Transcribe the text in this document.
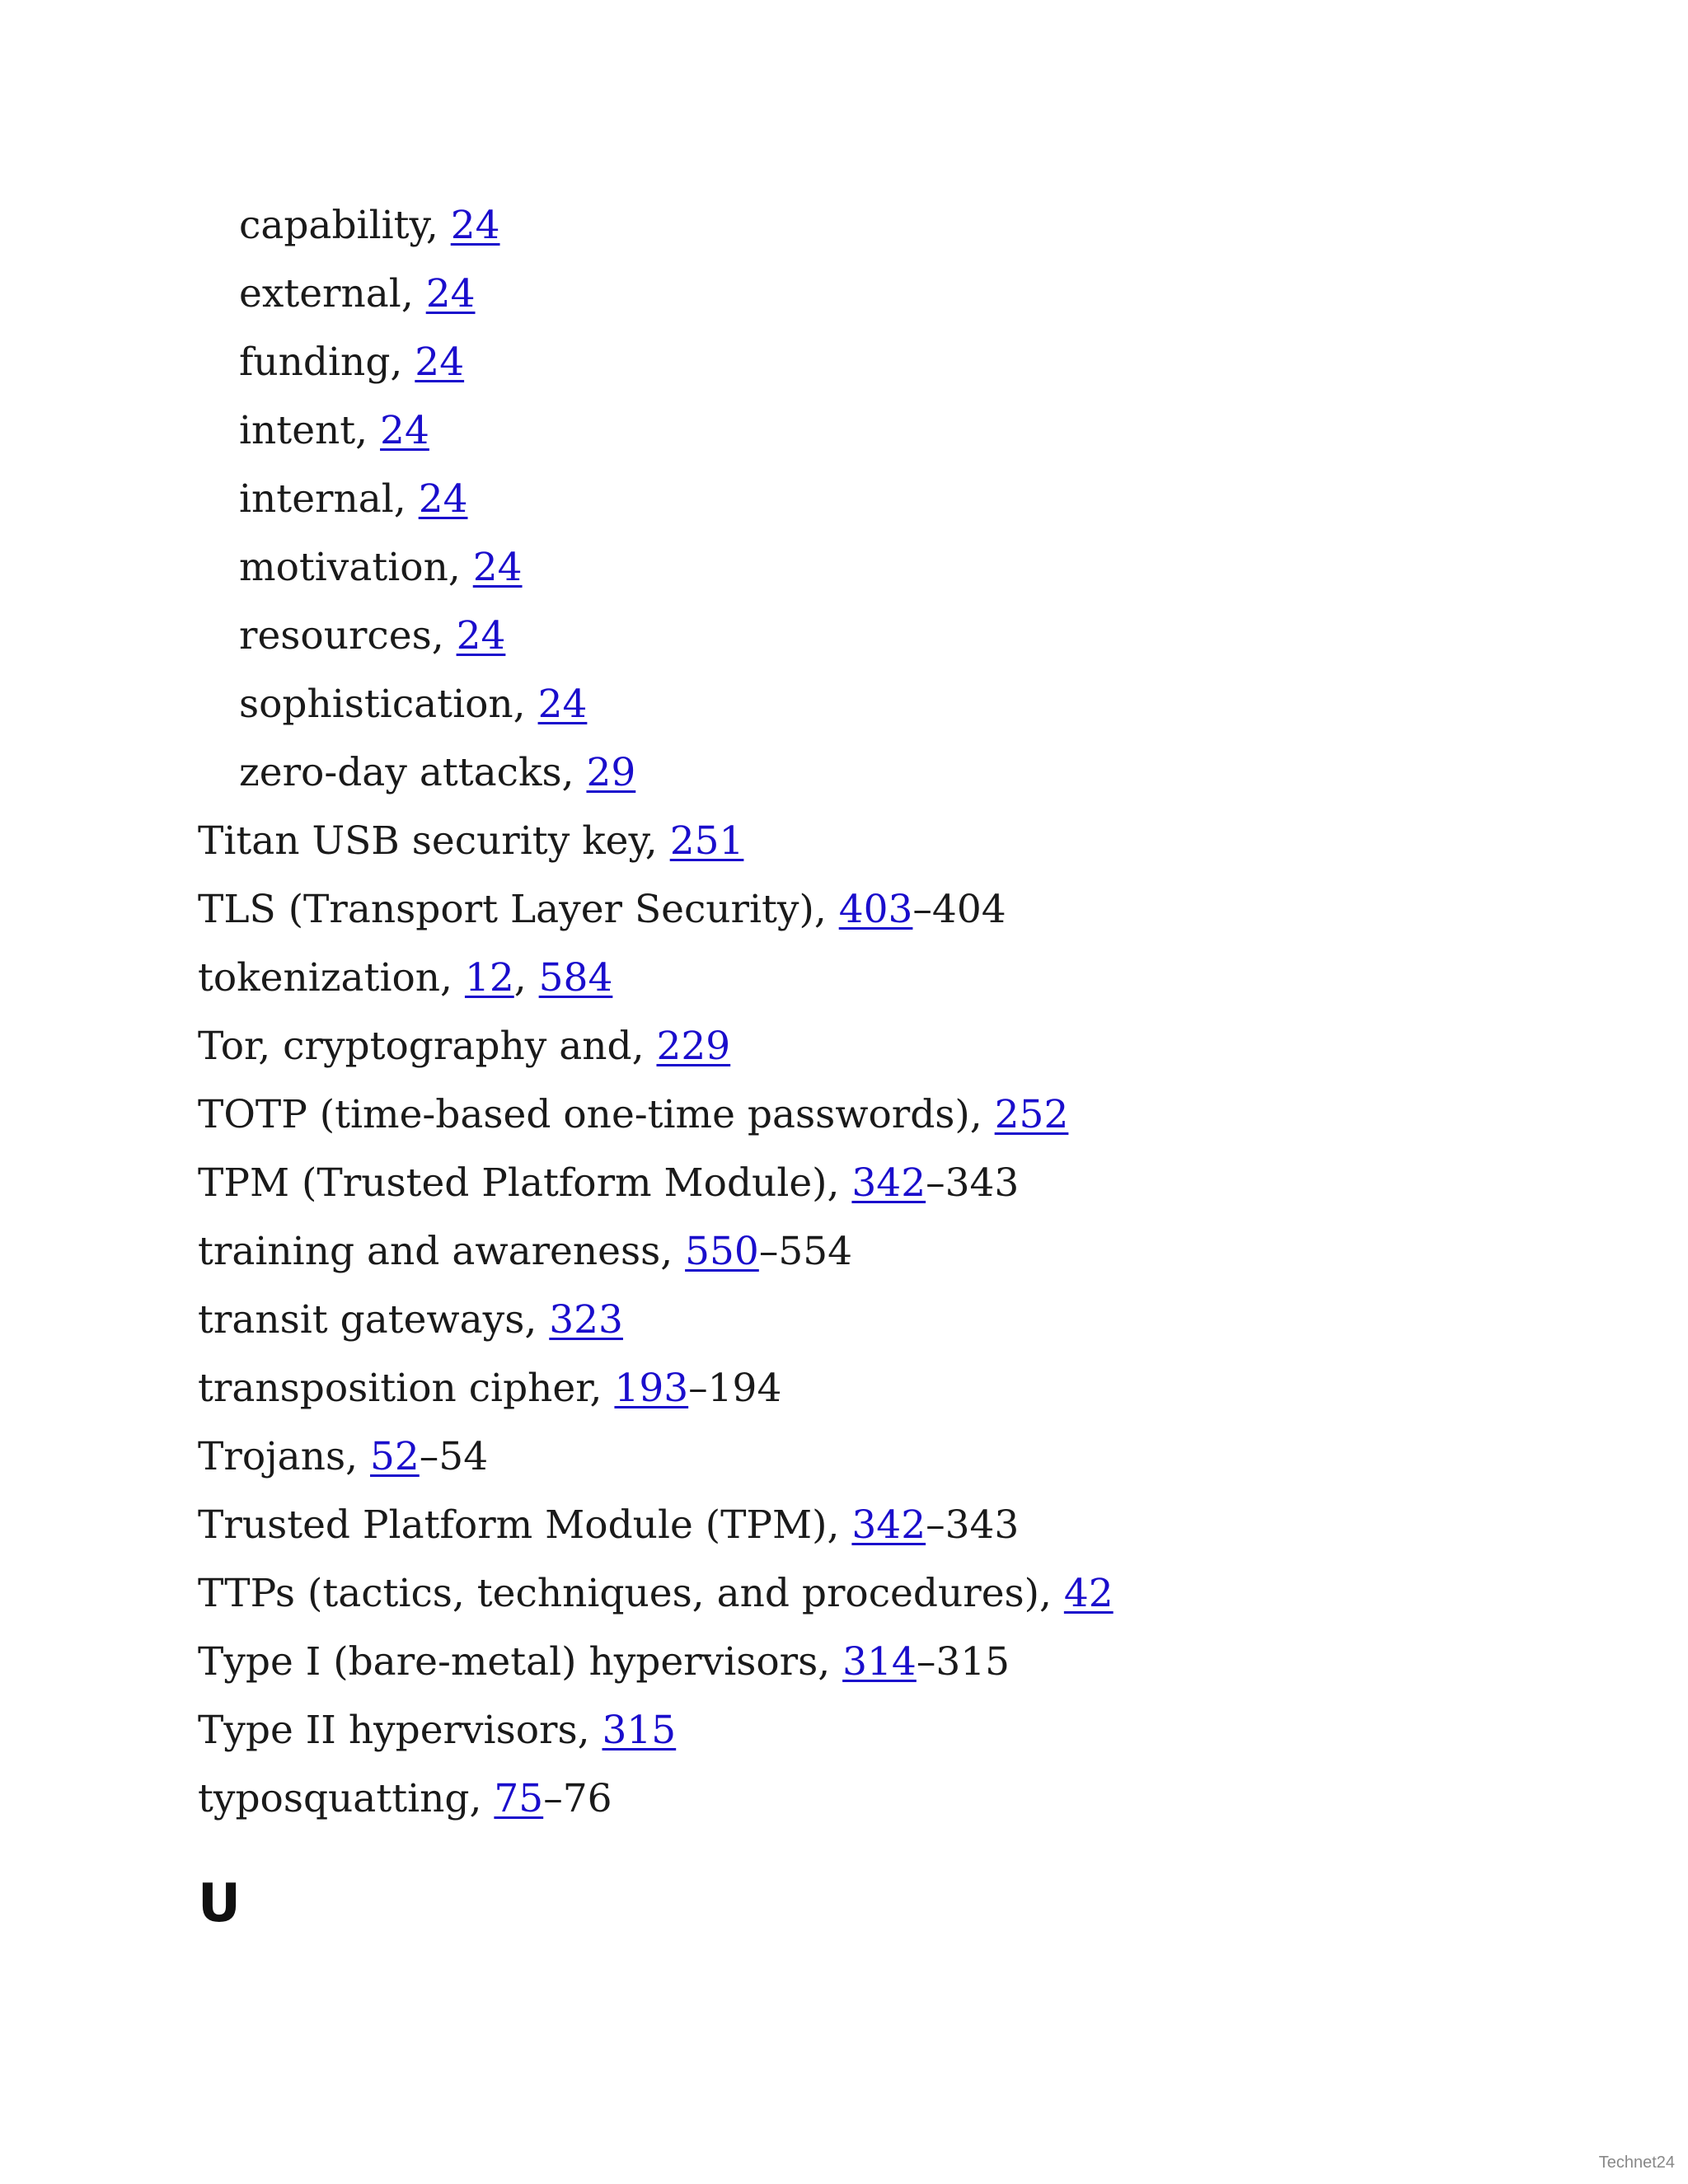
capability, 24
external, 24
funding, 24
intent, 24
internal, 24
motivation, 24
resources, 24
sophistication, 24
zero-day attacks, 29
Titan USB security key, 251
TLS (Transport Layer Security), 403–404
tokenization, 12, 584
Tor, cryptography and, 229
TOTP (time-based one-time passwords), 252
TPM (Trusted Platform Module), 342–343
training and awareness, 550–554
transit gateways, 323
transposition cipher, 193–194
Trojans, 52–54
Trusted Platform Module (TPM), 342–343
TTPs (tactics, techniques, and procedures), 42
Type I (bare-metal) hypervisors, 314–315
Type II hypervisors, 315
typosquatting, 75–76
U
Technet24
